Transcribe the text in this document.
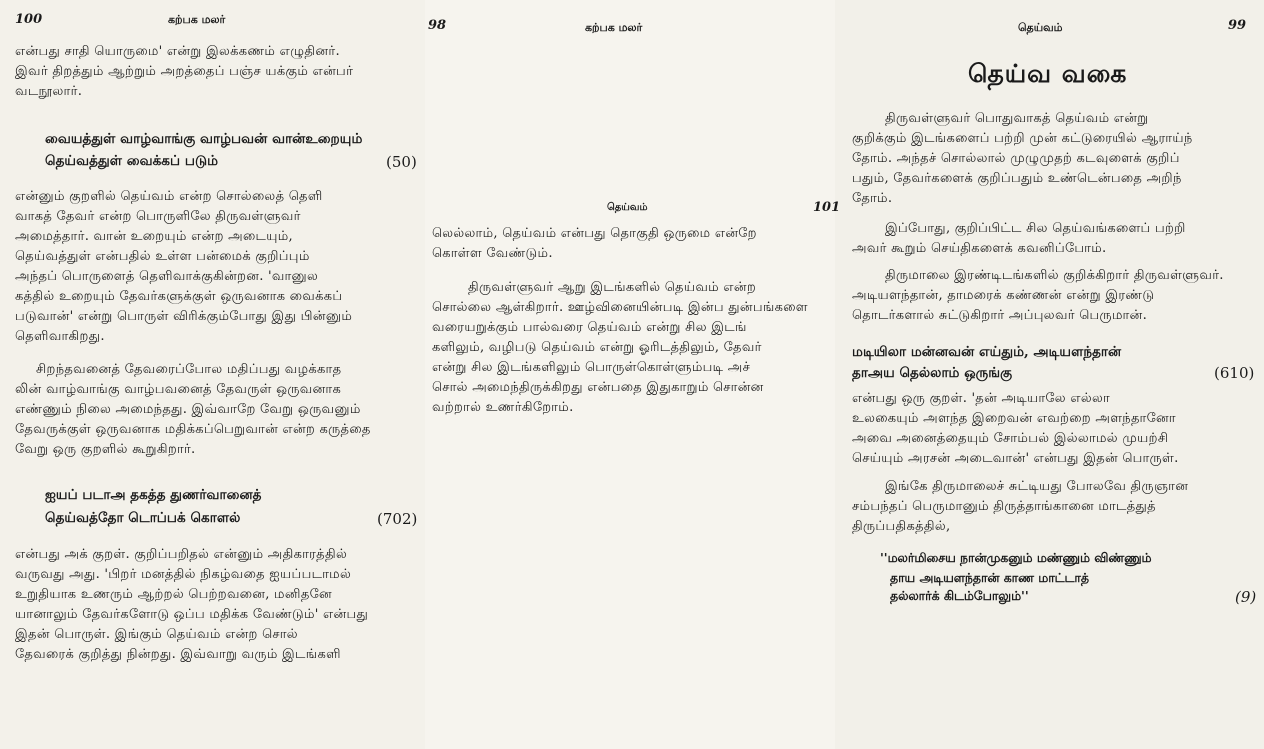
100	கற்பக மலர்
என்பது சாதி யொருமை' என்று இலக்கணம் எழுதினர்.
இவர் திறத்தும் ஆற்றும் அறத்தைப் பஞ்ச யக்கும் என்பர்
வடநூலார்.
வையத்துள் வாழ்வாங்கு வாழ்பவன் வான்உறையும்
தெய்வத்துள் வைக்கப் படும்	(50)
என்னும் குறளில் தெய்வம் என்ற சொல்லைத் தெளி
வாகத் தேவர் என்ற பொருளிலே திருவள்ளுவர்
அமைத்தார். வான் உறையும் என்ற அடையும்,
தெய்வத்துள் என்பதில் உள்ள பன்மைக் குறிப்பும்
அந்தப் பொருளைத் தெளிவாக்குகின்றன. 'வானுல
கத்தில் உறையும் தேவர்களுக்குள் ஒருவனாக வைக்கப்
படுவான்' என்று பொருள் விரிக்கும்போது இது பின்னும்
தெளிவாகிறது.
சிறந்தவனைத் தேவரைப்போல மதிப்பது வழக்காத
லின் வாழ்வாங்கு வாழ்பவனைத் தேவருள் ஒருவனாக
எண்ணும் நிலை அமைந்தது. இவ்வாறே வேறு ஒருவனும்
தேவருக்குள் ஒருவனாக மதிக்கப்பெறுவான் என்ற கருத்தை
வேறு ஒரு குறளில் கூறுகிறார்.
ஐயப் படாஅ தகத்த துணர்வானைத்
தெய்வத்தோ டொப்பக் கொளல்	(702)
என்பது அக் குறள். குறிப்பறிதல் என்னும் அதிகாரத்தில்
வருவது அது. 'பிறர் மனத்தில் நிகழ்வதை ஐயப்படாமல்
உறுதியாக உணரும் ஆற்றல் பெற்றவனை, மனிதனே
யானாலும் தேவர்களோடு ஒப்ப மதிக்க வேண்டும்' என்பது
இதன் பொருள். இங்கும் தெய்வம் என்ற சொல்
தேவரைக் குறித்து நின்றது. இவ்வாறு வரும் இடங்களி
98	கற்பக மலர்
தெய்வம்	101
லெல்லாம், தெய்வம் என்பது தொகுதி ஒருமை என்றே
கொள்ள வேண்டும்.
திருவள்ளுவர் ஆறு இடங்களில் தெய்வம் என்ற
சொல்லை ஆள்கிறார். ஊழ்வினையின்படி இன்ப துன்பங்களை
வரையறுக்கும் பால்வரை தெய்வம் என்று சில இடங்
களிலும், வழிபடு தெய்வம் என்று ஓரிடத்திலும், தேவர்
என்று சில இடங்களிலும் பொருள்கொள்ளும்படி அச்
சொல் அமைந்திருக்கிறது என்பதை இதுகாறும் சொன்ன
வற்றால் உணர்கிறோம்.
தெய்வம்	99
தெய்வ வகை
திருவள்ளுவர் பொதுவாகத் தெய்வம் என்று
குறிக்கும் இடங்களைப் பற்றி முன் கட்டுரையில் ஆராய்ந்
தோம். அந்தச் சொல்லால் முழுமுதற் கடவுளைக் குறிப்
பதும், தேவர்களைக் குறிப்பதும் உண்டென்பதை அறிந்
தோம்.
இப்போது, குறிப்பிட்ட சில தெய்வங்களைப் பற்றி
அவர் கூறும் செய்திகளைக் கவனிப்போம்.
திருமாலை இரண்டிடங்களில் குறிக்கிறார் திருவள்ளுவர்.
அடியளந்தான், தாமரைக் கண்ணன் என்று இரண்டு
தொடர்களால் சுட்டுகிறார் அப்புலவர் பெருமான்.
மடியிலா மன்னவன் எய்தும், அடியளந்தான்
தாஅய தெல்லாம் ஒருங்கு	(610)
என்பது ஒரு குறள். 'தன் அடியாலே எல்லா
உலகையும் அளந்த இறைவன் எவற்றை அளந்தானோ
அவை அனைத்தையும் சோம்பல் இல்லாமல் முயற்சி
செய்யும் அரசன் அடைவான்' என்பது இதன் பொருள்.
இங்கே திருமாலைச் சுட்டியது போலவே திருஞான
சம்பந்தப் பெருமானும் திருத்தாங்கானை மாடத்துத்
திருப்பதிகத்தில்,
''மலர்மிசைய நான்முகனும் மண்ணும் விண்ணும்
தாய அடியளந்தான் காண மாட்டாத்
தல்லார்க் கிடம்போலும்''	(9)
